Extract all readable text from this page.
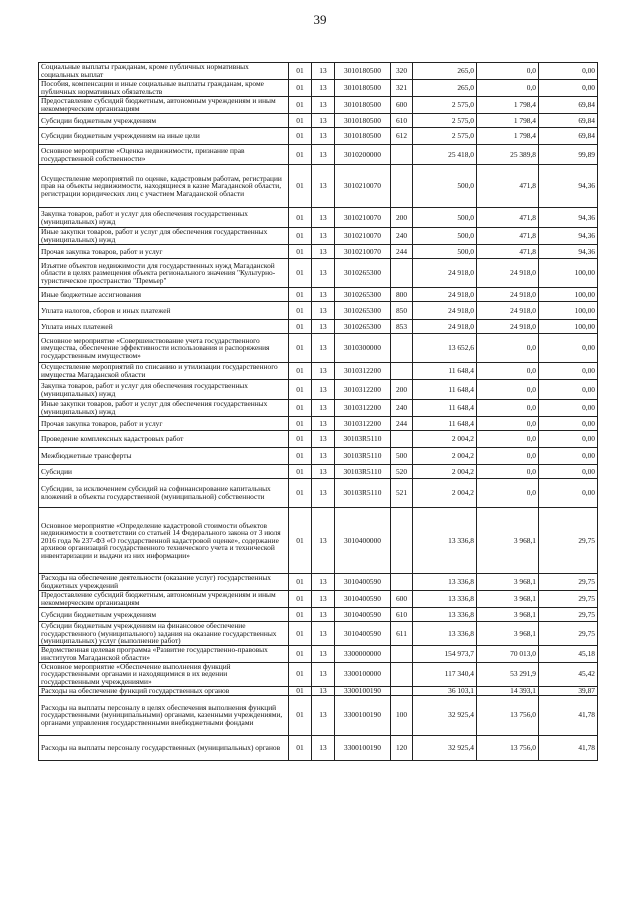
39
Социальные выплаты гражданам, кроме публичных нормативных социальных выплат	01	13	3010180500	320	265,0	0,0	0,00
Пособия, компенсации и иные социальные выплаты гражданам, кроме публичных нормативных обязательств	01	13	3010180500	321	265,0	0,0	0,00
Предоставление субсидий бюджетным, автономным учреждениям и иным некоммерческим организациям	01	13	3010180500	600	2 575,0	1 798,4	69,84
Субсидии бюджетным учреждениям	01	13	3010180500	610	2 575,0	1 798,4	69,84
Субсидии бюджетным учреждениям на иные цели	01	13	3010180500	612	2 575,0	1 798,4	69,84
Основное мероприятие «Оценка недвижимости, признание прав государственной собственности»	01	13	3010200000		25 418,0	25 389,8	99,89
Осуществление мероприятий по оценке, кадастровым работам, регистрации прав на объекты недвижимости, находящиеся в казне Магаданской области, регистрации юридических лиц с участием Магаданской области	01	13	3010210070		500,0	471,8	94,36
Закупка товаров, работ и услуг для обеспечения государственных (муниципальных) нужд	01	13	3010210070	200	500,0	471,8	94,36
Иные закупки товаров, работ и услуг для обеспечения государственных (муниципальных) нужд	01	13	3010210070	240	500,0	471,8	94,36
Прочая закупка товаров, работ и услуг	01	13	3010210070	244	500,0	471,8	94,36
Изъятие объектов недвижимости для государственных нужд Магаданской области в целях размещения объекта регионального значения "Культурно-туристическое пространство "Премьер"	01	13	3010265300		24 918,0	24 918,0	100,00
Иные бюджетные ассигнования	01	13	3010265300	800	24 918,0	24 918,0	100,00
Уплата налогов, сборов и иных платежей	01	13	3010265300	850	24 918,0	24 918,0	100,00
Уплата иных платежей	01	13	3010265300	853	24 918,0	24 918,0	100,00
Основное мероприятие «Совершенствование учета государственного имущества, обеспечение эффективности использования и распоряжения государственным имуществом»	01	13	3010300000		13 652,6	0,0	0,00
Осуществление мероприятий по списанию и утилизации государственного имущества Магаданской области	01	13	3010312200		11 648,4	0,0	0,00
Закупка товаров, работ и услуг для обеспечения государственных (муниципальных) нужд	01	13	3010312200	200	11 648,4	0,0	0,00
Иные закупки товаров, работ и услуг для обеспечения государственных (муниципальных) нужд	01	13	3010312200	240	11 648,4	0,0	0,00
Прочая закупка товаров, работ и услуг	01	13	3010312200	244	11 648,4	0,0	0,00
Проведение комплексных кадастровых работ	01	13	30103R5110		2 004,2	0,0	0,00
Межбюджетные трансферты	01	13	30103R5110	500	2 004,2	0,0	0,00
Субсидии	01	13	30103R5110	520	2 004,2	0,0	0,00
Субсидии, за исключением субсидий на софинансирование капитальных вложений в объекты государственной (муниципальной) собственности	01	13	30103R5110	521	2 004,2	0,0	0,00
Основное мероприятие «Определение кадастровой стоимости объектов недвижимости в соответствии со статьей 14 Федерального закона от 3 июля 2016 года № 237-ФЗ «О государственной кадастровой оценке», содержание архивов организаций государственного технического учета и технической инвентаризации и выдачи из них информации»	01	13	3010400000		13 336,8	3 968,1	29,75
Расходы на обеспечение деятельности (оказание услуг) государственных бюджетных учреждений	01	13	3010400590		13 336,8	3 968,1	29,75
Предоставление субсидий бюджетным, автономным учреждениям и иным некоммерческим организациям	01	13	3010400590	600	13 336,8	3 968,1	29,75
Субсидии бюджетным учреждениям	01	13	3010400590	610	13 336,8	3 968,1	29,75
Субсидии бюджетным учреждениям на финансовое обеспечение государственного (муниципального) задания на оказание государственных (муниципальных) услуг (выполнение работ)	01	13	3010400590	611	13 336,8	3 968,1	29,75
Ведомственная целевая программа «Развитие государственно-правовых институтов Магаданской области»	01	13	3300000000		154 973,7	70 013,0	45,18
Основное мероприятие «Обеспечение выполнения функций государственными органами и находящимися в их ведении государственными учреждениями»	01	13	3300100000		117 340,4	53 291,9	45,42
Расходы на обеспечение функций государственных органов	01	13	3300100190		36 103,1	14 393,1	39,87
Расходы на выплаты персоналу в целях обеспечения выполнения функций государственными (муниципальными) органами, казенными учреждениями, органами управления государственными внебюджетными фондами	01	13	3300100190	100	32 925,4	13 756,0	41,78
Расходы на выплаты персоналу государственных (муниципальных) органов	01	13	3300100190	120	32 925,4	13 756,0	41,78
